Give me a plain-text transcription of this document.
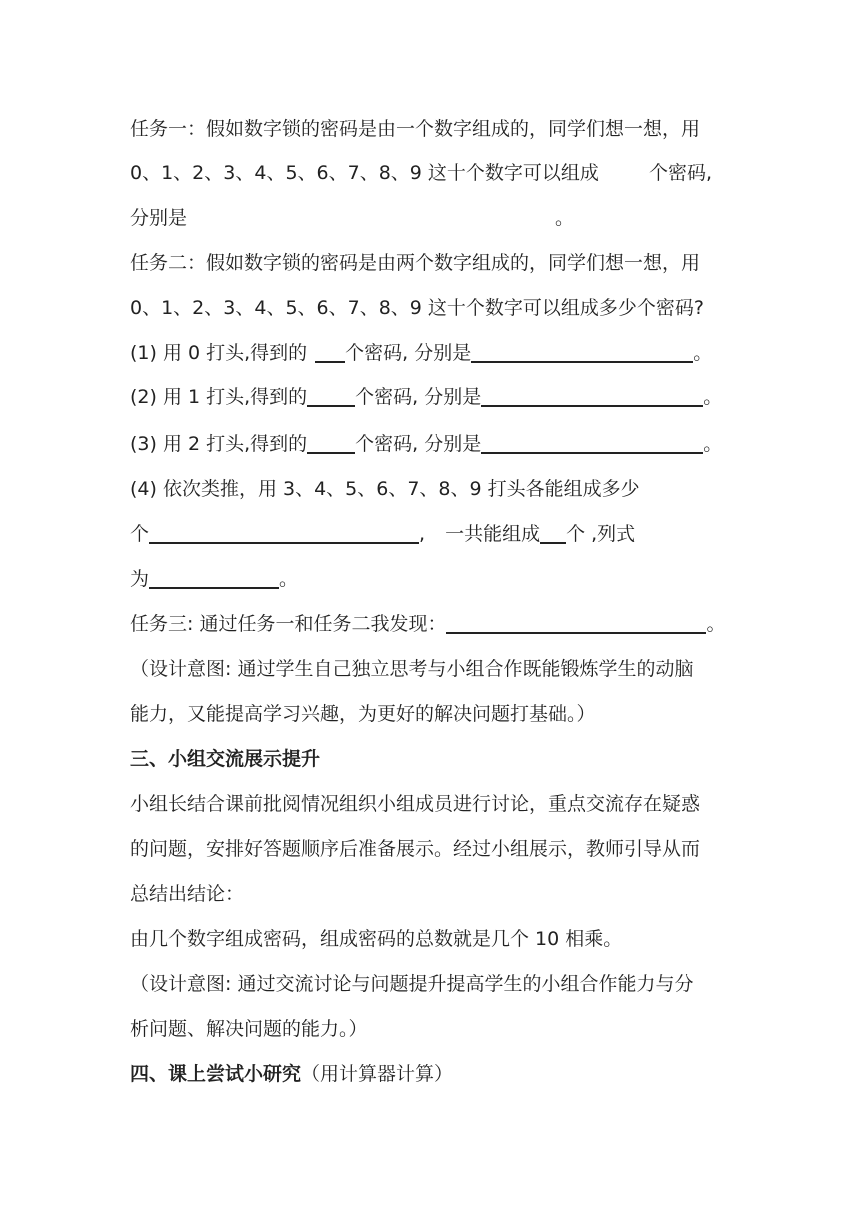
任务一：假如数字锁的密码是由一个数字组成的，同学们想一想，用
0、1、2、3、4、5、6、7、8、9 这十个数字可以组成	个密码,
分别是	。
任务二：假如数字锁的密码是由两个数字组成的，同学们想一想，用
0、1、2、3、4、5、6、7、8、9 这十个数字可以组成多少个密码?
(1) 用 0 打头,得到的 个密码, 分别是	。
(2) 用 1 打头,得到的	个密码, 分别是	。
(3) 用 2 打头,得到的	个密码, 分别是	。
(4) 依次类推，用 3、4、5、6、7、8、9 打头各能组成多少
个	, 一共能组成 个 ,列式
为	。
任务三: 通过任务一和任务二我发现：	。
（设计意图: 通过学生自己独立思考与小组合作既能锻炼学生的动脑
能力，又能提高学习兴趣，为更好的解决问题打基础。）
三、小组交流展示提升
小组长结合课前批阅情况组织小组成员进行讨论，重点交流存在疑惑
的问题，安排好答题顺序后准备展示。经过小组展示，教师引导从而
总结出结论：
由几个数字组成密码，组成密码的总数就是几个 10 相乘。
（设计意图: 通过交流讨论与问题提升提高学生的小组合作能力与分
析问题、解决问题的能力。）
四、课上尝试小研究（用计算器计算）
